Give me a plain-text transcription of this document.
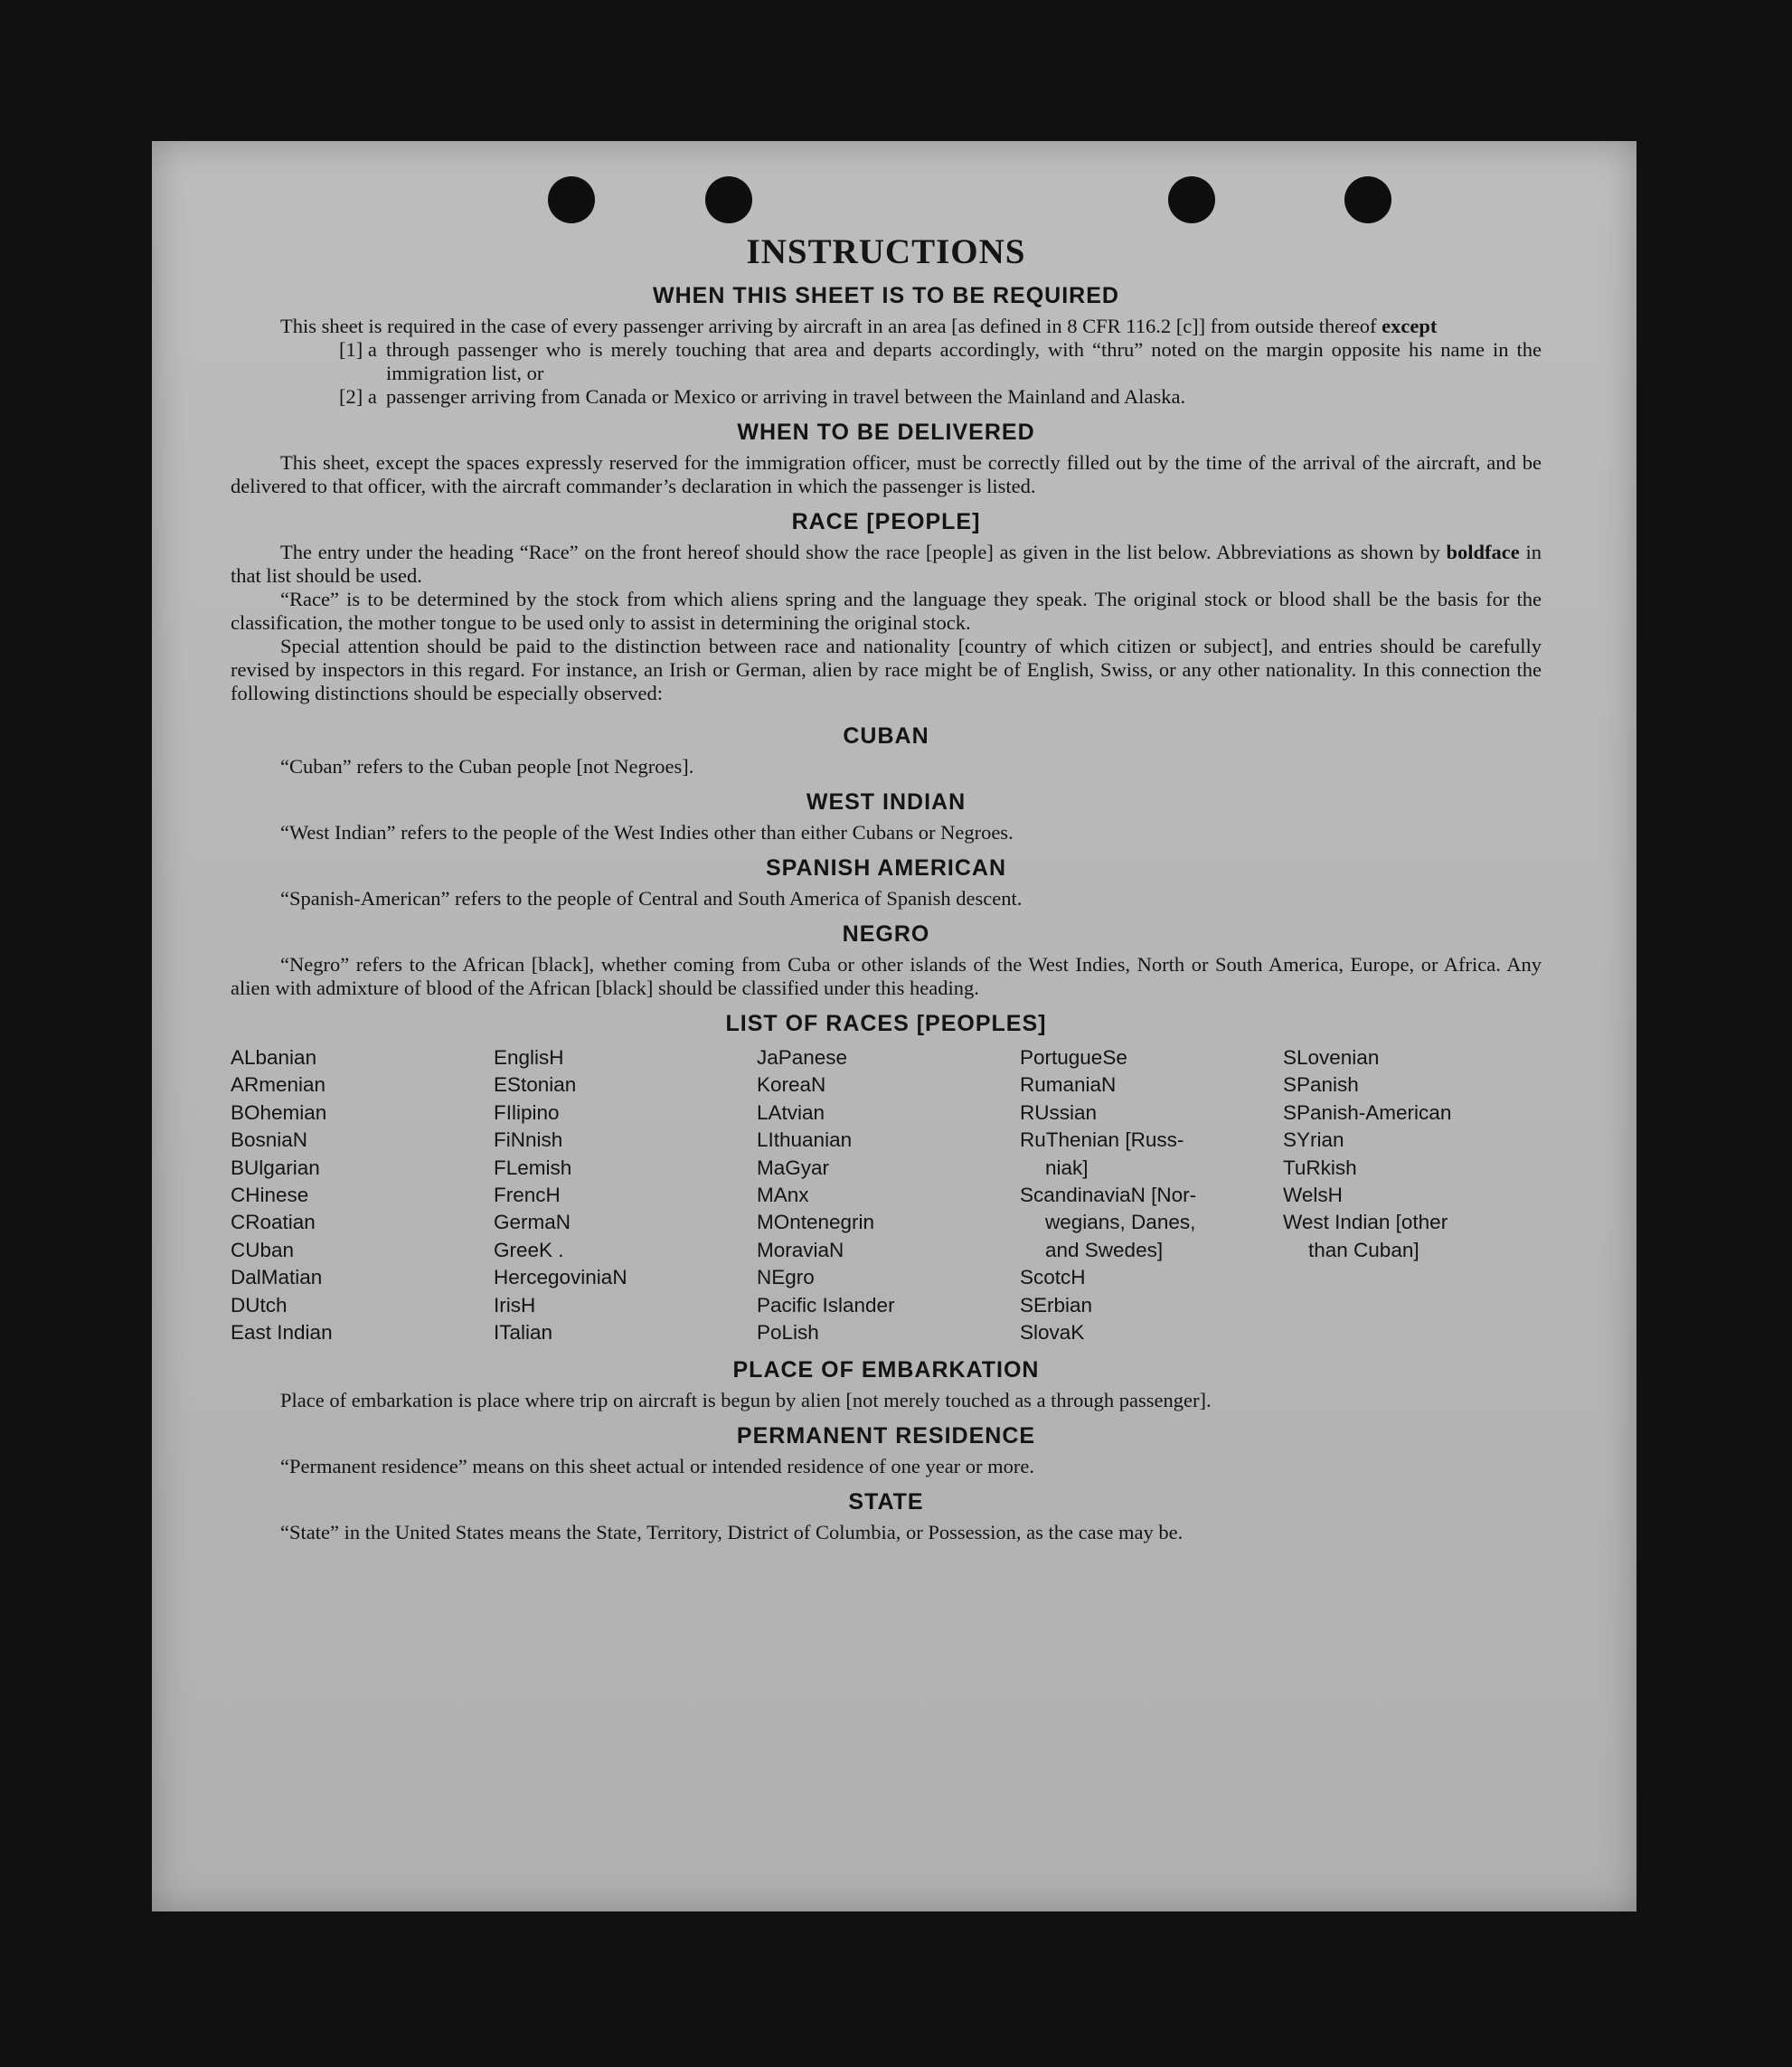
INSTRUCTIONS
WHEN THIS SHEET IS TO BE REQUIRED

This sheet is required in the case of every passenger arriving by aircraft in an area [as defined in 8 CFR 116.2 [c]] from outside thereof except

[1] a through passenger who is merely touching that area and departs accordingly, with “thru” noted on the margin opposite his name in the immigration list, or
[2] a passenger arriving from Canada or Mexico or arriving in travel between the Mainland and Alaska.
WHEN TO BE DELIVERED

This sheet, except the spaces expressly reserved for the immigration officer, must be correctly filled out by the time of the arrival of the aircraft, and be delivered to that officer, with the aircraft commander’s declaration in which the passenger is listed.

RACE [PEOPLE]

The entry under the heading “Race” on the front hereof should show the race [people] as given in the list below. Abbreviations as shown by boldface in that list should be used.

“Race” is to be determined by the stock from which aliens spring and the language they speak. The original stock or blood shall be the basis for the classification, the mother tongue to be used only to assist in determining the original stock.

Special attention should be paid to the distinction between race and nationality [country of which citizen or subject], and entries should be carefully revised by inspectors in this regard. For instance, an Irish or German, alien by race might be of English, Swiss, or any other nationality. In this connection the following distinctions should be especially observed:

CUBAN

“Cuban” refers to the Cuban people [not Negroes].

WEST INDIAN

“West Indian” refers to the people of the West Indies other than either Cubans or Negroes.

SPANISH AMERICAN

“Spanish-American” refers to the people of Central and South America of Spanish descent.

NEGRO

“Negro” refers to the African [black], whether coming from Cuba or other islands of the West Indies, North or South America, Europe, or Africa. Any alien with admixture of blood of the African [black] should be classified under this heading.

LIST OF RACES [PEOPLES]
ALbanian
ARmenian
BOhemian
BosniaN
BUlgarian
CHinese
CRoatian
CUban
DalMatian
DUtch
East Indian
EnglisH
EStonian
FIlipino
FiNnish
FLemish
FrencH
GermaN
GreeK .
HercegoviniaN
IrisH
ITalian
JaPanese
KoreaN
LAtvian
LIthuanian
MaGyar
MAnx
MOntenegrin
MoraviaN
NEgro
Pacific Islander
PoLish
PortugueSe
RumaniaN
RUssian
RuThenian [Russ-
niak]
ScandinaviaN [Nor-
wegians, Danes,
and Swedes]
ScotcH
SErbian
SlovaK
SLovenian
SPanish
SPanish-American
SYrian
TuRkish
WelsH
West Indian [other
than Cuban]
PLACE OF EMBARKATION

Place of embarkation is place where trip on aircraft is begun by alien [not merely touched as a through passenger].

PERMANENT RESIDENCE

“Permanent residence” means on this sheet actual or intended residence of one year or more.

STATE

“State” in the United States means the State, Territory, District of Columbia, or Possession, as the case may be.
